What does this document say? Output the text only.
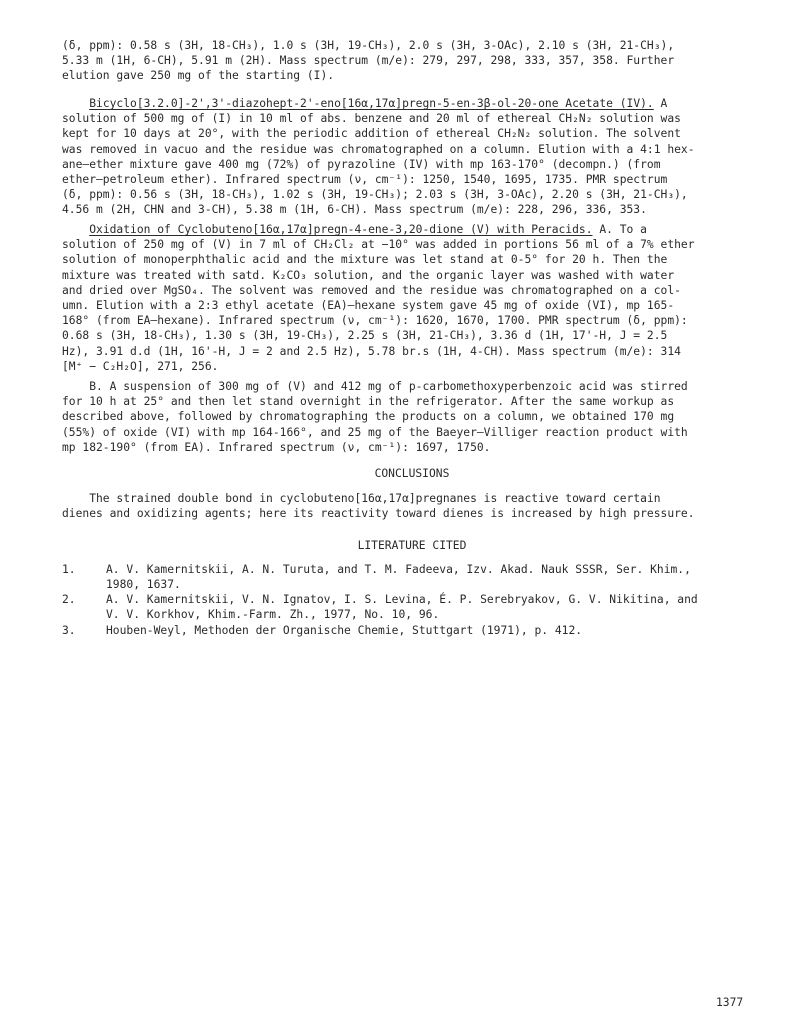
(δ, ppm): 0.58 s (3H, 18-CH₃), 1.0 s (3H, 19-CH₃), 2.0 s (3H, 3-OAc), 2.10 s (3H, 21-CH₃),
5.33 m (1H, 6-CH), 5.91 m (2H). Mass spectrum (m/e): 279, 297, 298, 333, 357, 358. Further
elution gave 250 mg of the starting (I).
Bicyclo[3.2.0]-2',3'-diazohept-2'-eno[16α,17α]pregn-5-en-3β-ol-20-one Acetate (IV). A
solution of 500 mg of (I) in 10 ml of abs. benzene and 20 ml of ethereal CH₂N₂ solution was
kept for 10 days at 20°, with the periodic addition of ethereal CH₂N₂ solution. The solvent
was removed in vacuo and the residue was chromatographed on a column. Elution with a 4:1 hex-
ane—ether mixture gave 400 mg (72%) of pyrazoline (IV) with mp 163-170° (decompn.) (from
ether—petroleum ether). Infrared spectrum (ν, cm⁻¹): 1250, 1540, 1695, 1735. PMR spectrum
(δ, ppm): 0.56 s (3H, 18-CH₃), 1.02 s (3H, 19-CH₃); 2.03 s (3H, 3-OAc), 2.20 s (3H, 21-CH₃),
4.56 m (2H, CHN and 3-CH), 5.38 m (1H, 6-CH). Mass spectrum (m/e): 228, 296, 336, 353.
Oxidation of Cyclobuteno[16α,17α]pregn-4-ene-3,20-dione (V) with Peracids. A. To a
solution of 250 mg of (V) in 7 ml of CH₂Cl₂ at −10° was added in portions 56 ml of a 7% ether
solution of monoperphthalic acid and the mixture was let stand at 0-5° for 20 h. Then the
mixture was treated with satd. K₂CO₃ solution, and the organic layer was washed with water
and dried over MgSO₄. The solvent was removed and the residue was chromatographed on a col-
umn. Elution with a 2:3 ethyl acetate (EA)—hexane system gave 45 mg of oxide (VI), mp 165-
168° (from EA—hexane). Infrared spectrum (ν, cm⁻¹): 1620, 1670, 1700. PMR spectrum (δ, ppm):
0.68 s (3H, 18-CH₃), 1.30 s (3H, 19-CH₃), 2.25 s (3H, 21-CH₃), 3.36 d (1H, 17'-H, J = 2.5
Hz), 3.91 d.d (1H, 16'-H, J = 2 and 2.5 Hz), 5.78 br.s (1H, 4-CH). Mass spectrum (m/e): 314
[M⁺ − C₂H₂O], 271, 256.
B. A suspension of 300 mg of (V) and 412 mg of p-carbomethoxyperbenzoic acid was stirred
for 10 h at 25° and then let stand overnight in the refrigerator. After the same workup as
described above, followed by chromatographing the products on a column, we obtained 170 mg
(55%) of oxide (VI) with mp 164-166°, and 25 mg of the Baeyer—Villiger reaction product with
mp 182-190° (from EA). Infrared spectrum (ν, cm⁻¹): 1697, 1750.
CONCLUSIONS
The strained double bond in cyclobuteno[16α,17α]pregnanes is reactive toward certain
dienes and oxidizing agents; here its reactivity toward dienes is increased by high pressure.
LITERATURE CITED
1.	A. V. Kamernitskii, A. N. Turuta, and T. M. Fadeeva, Izv. Akad. Nauk SSSR, Ser. Khim.,
1980, 1637.
2.	A. V. Kamernitskii, V. N. Ignatov, I. S. Levina, É. P. Serebryakov, G. V. Nikitina, and
V. V. Korkhov, Khim.-Farm. Zh., 1977, No. 10, 96.
3.	Houben-Weyl, Methoden der Organische Chemie, Stuttgart (1971), p. 412.
1377
